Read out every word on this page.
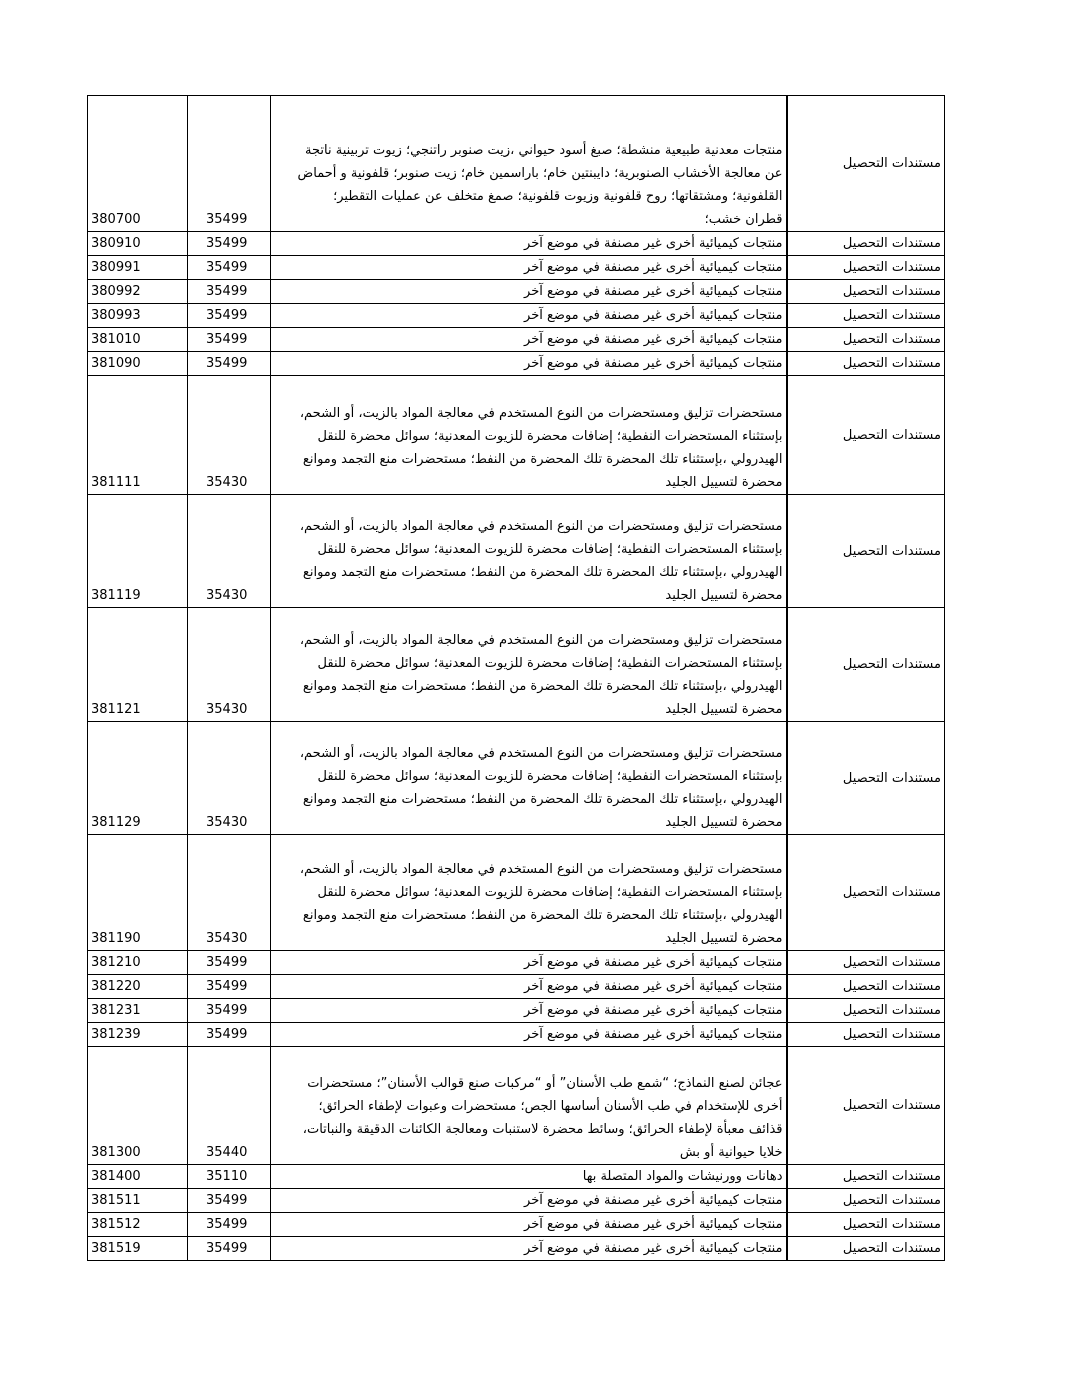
380700	35499	منتجات معدنية طبيعية منشطة؛ صبغ أسود حيواني ،زيت صنوبر راتنجي؛ زيوت تربينية ناتجة عن معالجة الأخشاب الصنوبرية؛ دايبنتين خام؛ باراسمين خام؛ زيت صنوبر؛ قلفونية و أحماض القلفونية؛ ومشتقاتها؛ روح قلفونية وزيوت قلفونية؛ صمغ متخلف عن عمليات التقطير؛ قطران خشب؛	مستندات التحصيل
380910	35499	منتجات كيميائية أخرى غير مصنفة في موضع آخر	مستندات التحصيل
380991	35499	منتجات كيميائية أخرى غير مصنفة في موضع آخر	مستندات التحصيل
380992	35499	منتجات كيميائية أخرى غير مصنفة في موضع آخر	مستندات التحصيل
380993	35499	منتجات كيميائية أخرى غير مصنفة في موضع آخر	مستندات التحصيل
381010	35499	منتجات كيميائية أخرى غير مصنفة في موضع آخر	مستندات التحصيل
381090	35499	منتجات كيميائية أخرى غير مصنفة في موضع آخر	مستندات التحصيل
381111	35430	مستحضرات تزليق ومستحضرات من النوع المستخدم في معالجة المواد بالزيت، أو الشحم، بإستثناء المستحضرات النفطية؛ إضافات محضرة للزيوت المعدنية؛ سوائل محضرة للنقل الهيدرولي ،بإستثناء تلك المحضرة تلك المحضرة من النفط؛ مستحضرات منع التجمد وموانع محضرة لتسييل الجليد	مستندات التحصيل
381119	35430	مستحضرات تزليق ومستحضرات من النوع المستخدم في معالجة المواد بالزيت، أو الشحم، بإستثناء المستحضرات النفطية؛ إضافات محضرة للزيوت المعدنية؛ سوائل محضرة للنقل الهيدرولي ،بإستثناء تلك المحضرة تلك المحضرة من النفط؛ مستحضرات منع التجمد وموانع محضرة لتسييل الجليد	مستندات التحصيل
381121	35430	مستحضرات تزليق ومستحضرات من النوع المستخدم في معالجة المواد بالزيت، أو الشحم، بإستثناء المستحضرات النفطية؛ إضافات محضرة للزيوت المعدنية؛ سوائل محضرة للنقل الهيدرولي ،بإستثناء تلك المحضرة تلك المحضرة من النفط؛ مستحضرات منع التجمد وموانع محضرة لتسييل الجليد	مستندات التحصيل
381129	35430	مستحضرات تزليق ومستحضرات من النوع المستخدم في معالجة المواد بالزيت، أو الشحم، بإستثناء المستحضرات النفطية؛ إضافات محضرة للزيوت المعدنية؛ سوائل محضرة للنقل الهيدرولي ،بإستثناء تلك المحضرة تلك المحضرة من النفط؛ مستحضرات منع التجمد وموانع محضرة لتسييل الجليد	مستندات التحصيل
381190	35430	مستحضرات تزليق ومستحضرات من النوع المستخدم في معالجة المواد بالزيت، أو الشحم، بإستثناء المستحضرات النفطية؛ إضافات محضرة للزيوت المعدنية؛ سوائل محضرة للنقل الهيدرولي ،بإستثناء تلك المحضرة تلك المحضرة من النفط؛ مستحضرات منع التجمد وموانع محضرة لتسييل الجليد	مستندات التحصيل
381210	35499	منتجات كيميائية أخرى غير مصنفة في موضع آخر	مستندات التحصيل
381220	35499	منتجات كيميائية أخرى غير مصنفة في موضع آخر	مستندات التحصيل
381231	35499	منتجات كيميائية أخرى غير مصنفة في موضع آخر	مستندات التحصيل
381239	35499	منتجات كيميائية أخرى غير مصنفة في موضع آخر	مستندات التحصيل
381300	35440	عجائن لصنع النماذج؛ “شمع طب الأسنان” أو “مركبات صنع قوالب الأسنان”؛ مستحضرات أخرى للإستخدام في طب الأسنان أساسها الجص؛ مستحضرات وعبوات لإطفاء الحرائق؛ قذائف معبأة لإطفاء الحرائق؛ وسائط محضرة لاستنبات ومعالجة الكائنات الدقيقة والنباتات، خلايا حيوانية أو بش	مستندات التحصيل
381400	35110	دهانات وورنيشات والمواد المتصلة بها	مستندات التحصيل
381511	35499	منتجات كيميائية أخرى غير مصنفة في موضع آخر	مستندات التحصيل
381512	35499	منتجات كيميائية أخرى غير مصنفة في موضع آخر	مستندات التحصيل
381519	35499	منتجات كيميائية أخرى غير مصنفة في موضع آخر	مستندات التحصيل
